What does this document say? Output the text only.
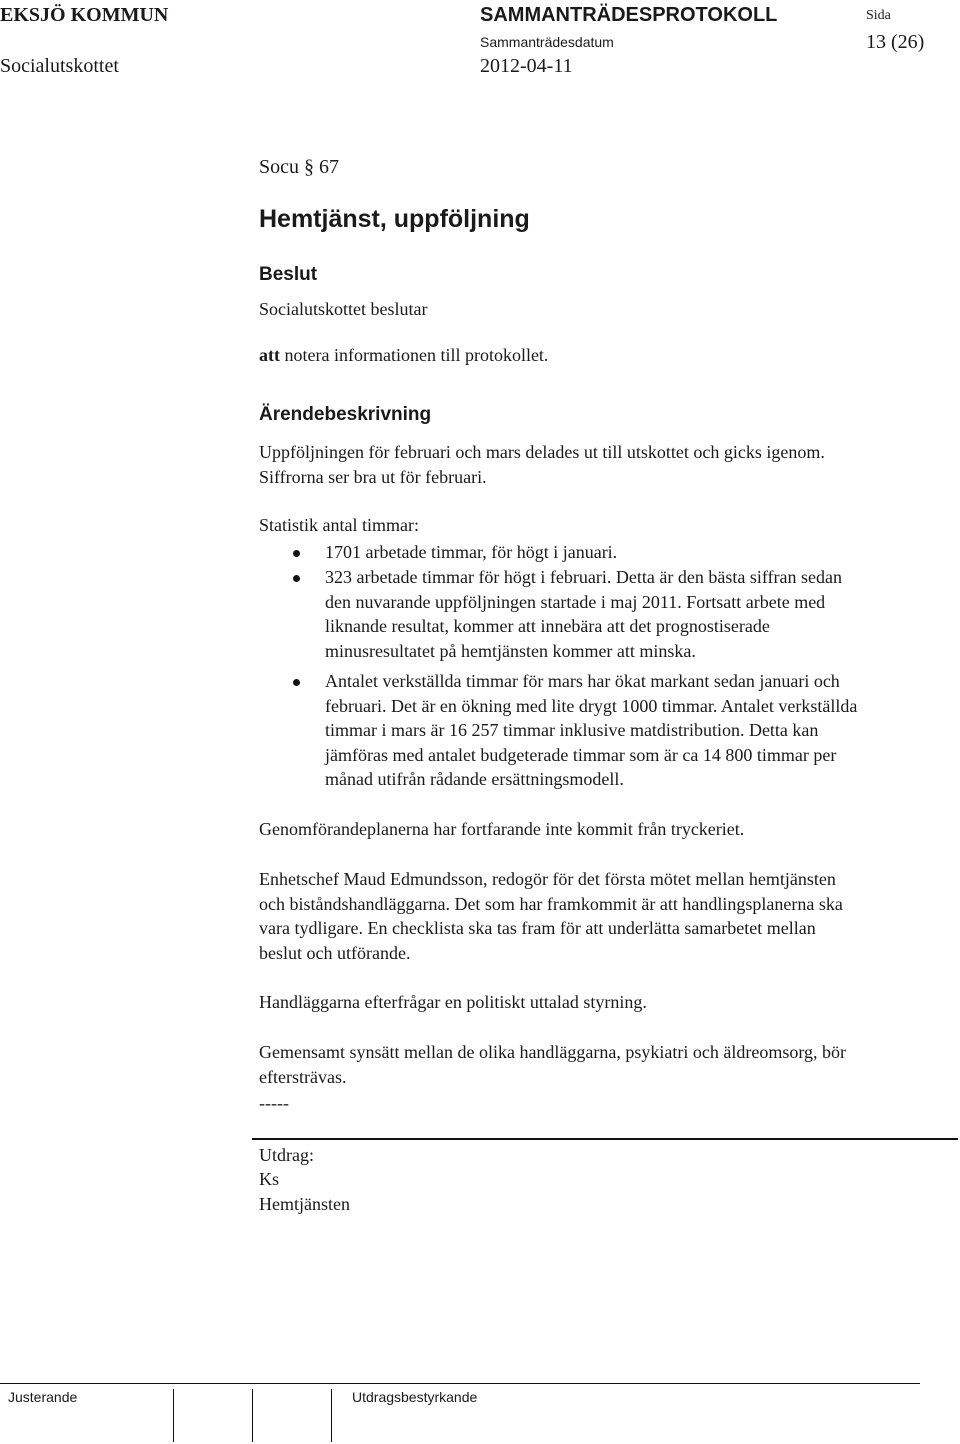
EKSJÖ KOMMUN	SAMMANTRÄDESPROTOKOLL	Sida
Socialutskottet
Sammanträdesdatum
2012-04-11
13 (26)
Socu § 67
Hemtjänst, uppföljning
Beslut
Socialutskottet beslutar
att notera informationen till protokollet.
Ärendebeskrivning
Uppföljningen för februari och mars delades ut till utskottet och gicks igenom.
Siffrorna ser bra ut för februari.
Statistik antal timmar:
1701 arbetade timmar, för högt i januari.
323 arbetade timmar för högt i februari. Detta är den bästa siffran sedan
den nuvarande uppföljningen startade i maj 2011. Fortsatt arbete med
liknande resultat, kommer att innebära att det prognostiserade
minusresultatet på hemtjänsten kommer att minska.
Antalet verkställda timmar för mars har ökat markant sedan januari och
februari. Det är en ökning med lite drygt 1000 timmar. Antalet verkställda
timmar i mars är 16 257 timmar inklusive matdistribution. Detta kan
jämföras med antalet budgeterade timmar som är ca 14 800 timmar per
månad utifrån rådande ersättningsmodell.
Genomförandeplanerna har fortfarande inte kommit från tryckeriet.
Enhetschef Maud Edmundsson, redogör för det första mötet mellan hemtjänsten
och biståndshandläggarna. Det som har framkommit är att handlingsplanerna ska
vara tydligare. En checklista ska tas fram för att underlätta samarbetet mellan
beslut och utförande.
Handläggarna efterfrågar en politiskt uttalad styrning.
Gemensamt synsätt mellan de olika handläggarna, psykiatri och äldreomsorg, bör
eftersträvas.
-----
Utdrag:
Ks
Hemtjänsten
Justerande	Utdragsbestyrkande
